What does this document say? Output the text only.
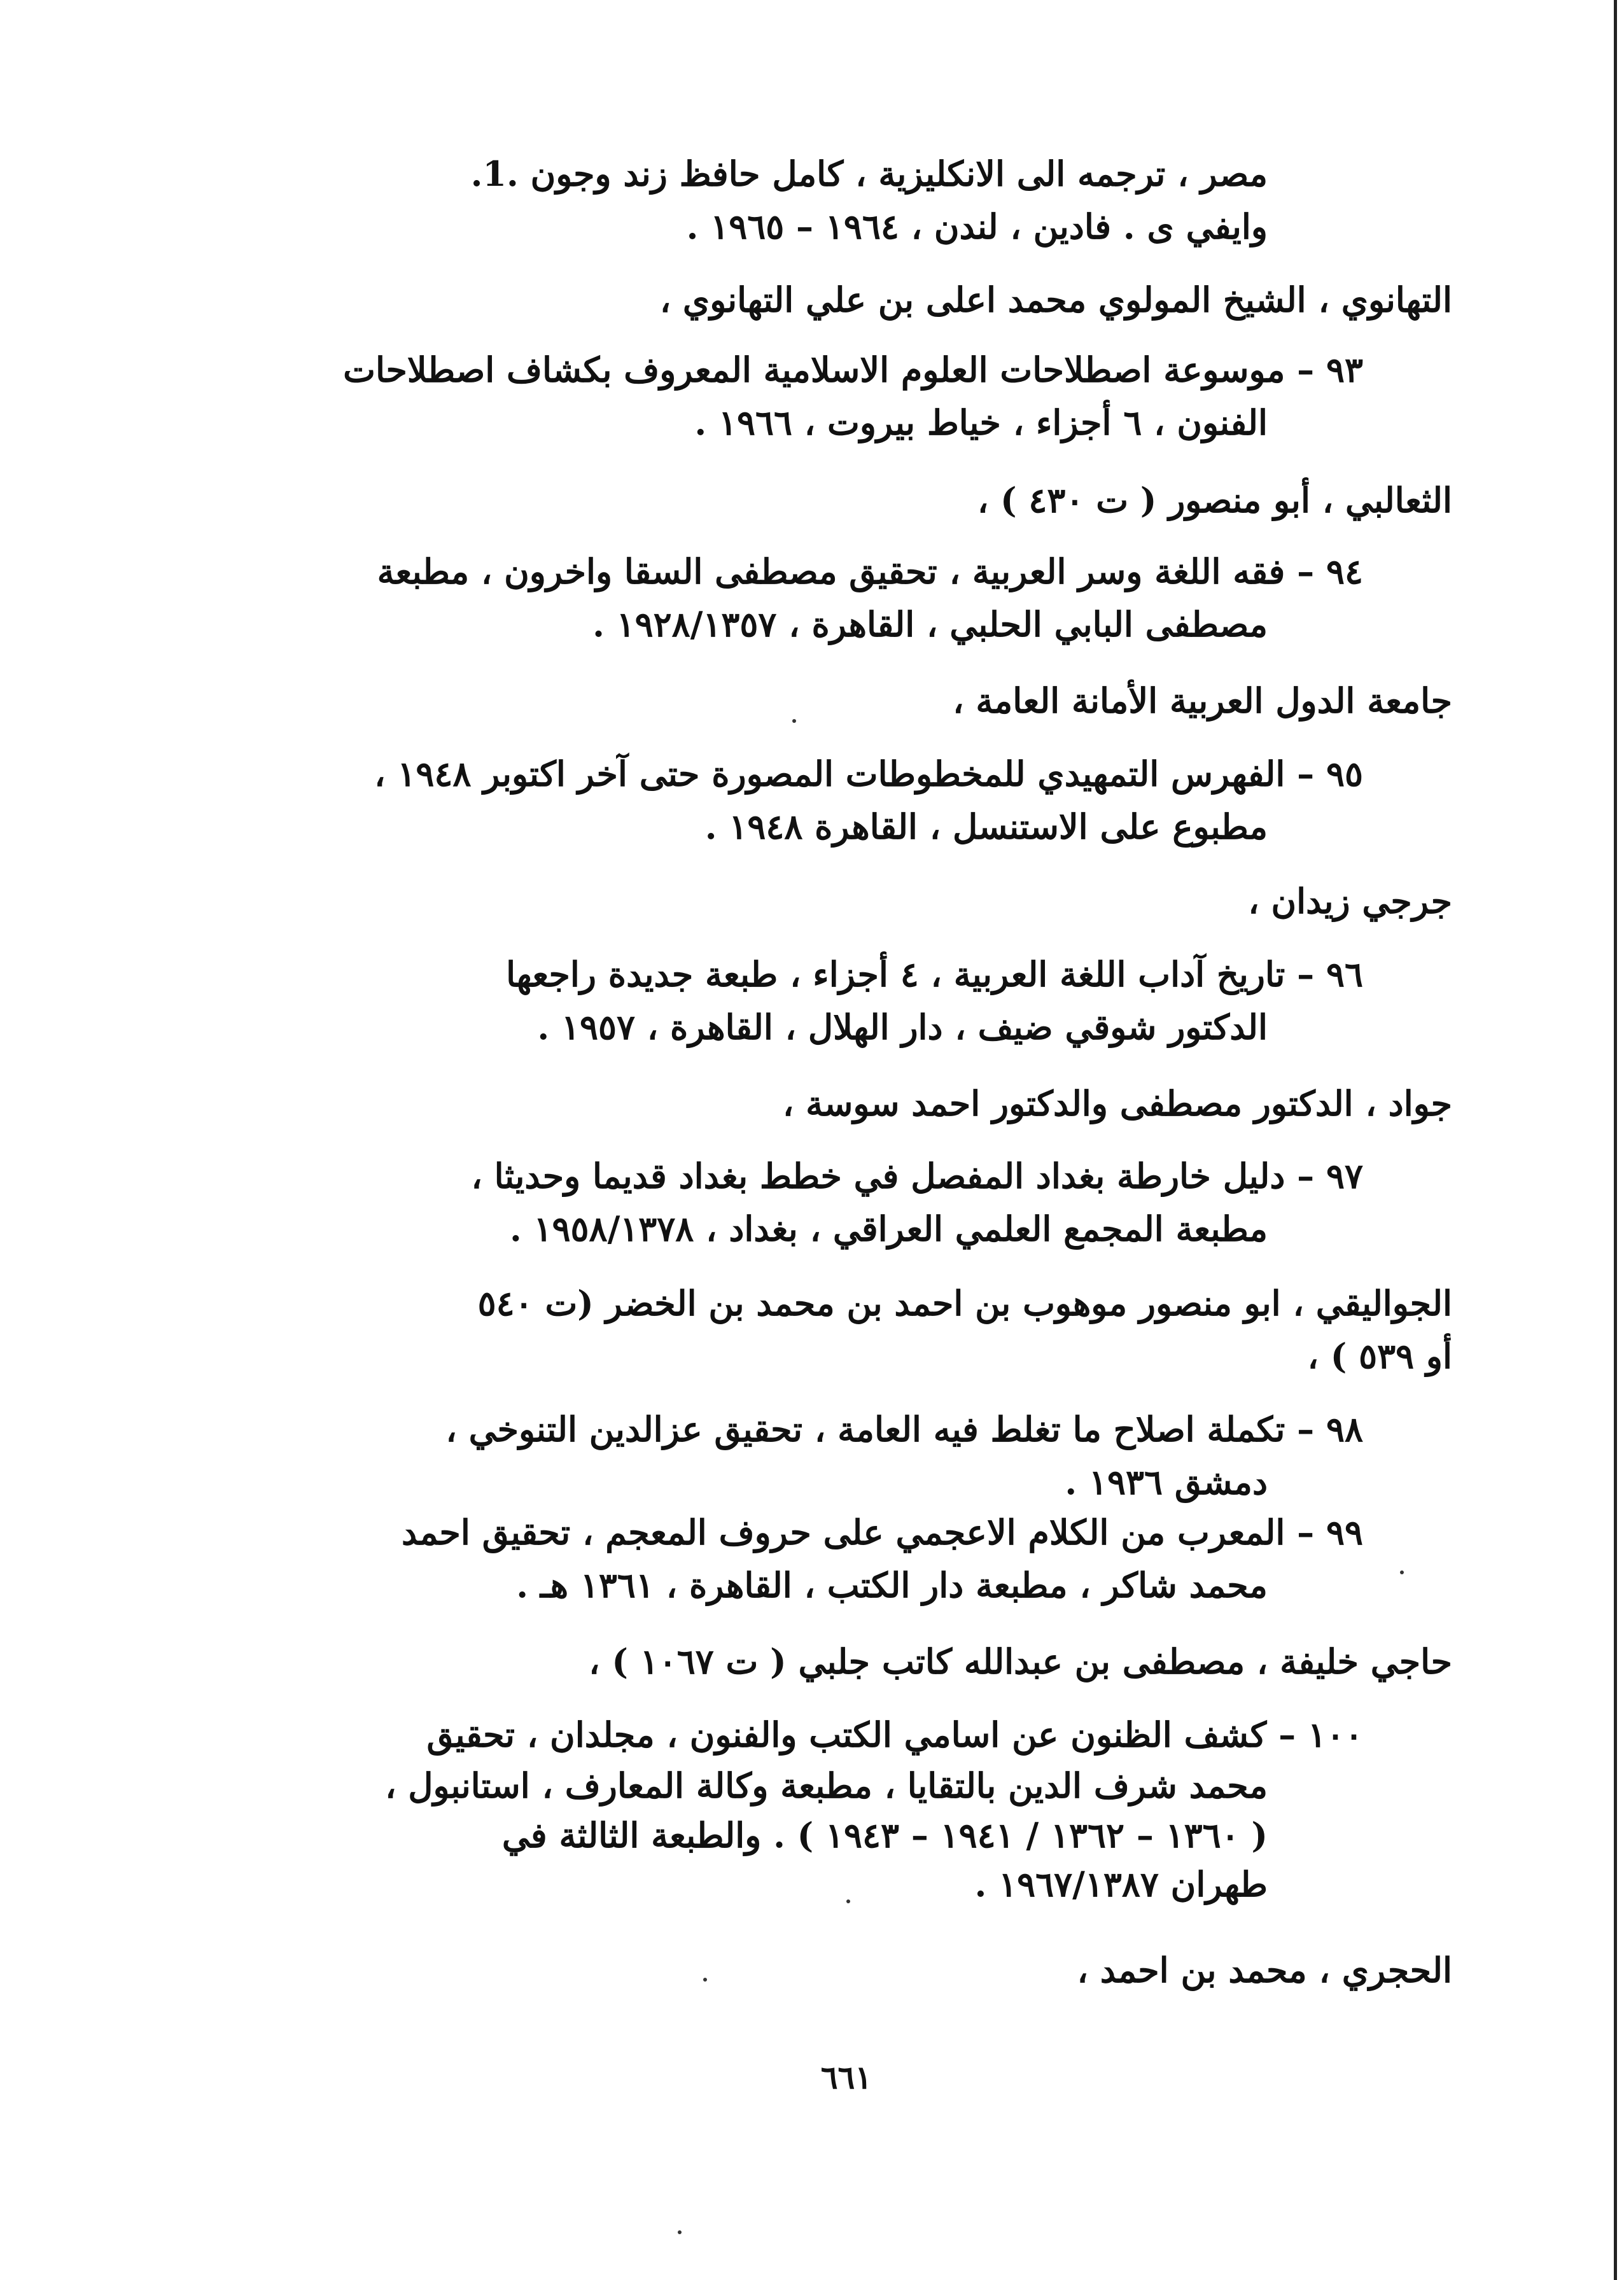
مصر ، ترجمه الى الانكليزية ، كامل حافظ زند وجون .1.
وايفي ى . فادين ، لندن ، ١٩٦٤ – ١٩٦٥ .
التهانوي ، الشيخ المولوي محمد اعلى بن علي التهانوي ،
٩٣ – موسوعة اصطلاحات العلوم الاسلامية المعروف بكشاف اصطلاحات
الفنون ، ٦ أجزاء ، خياط بيروت ، ١٩٦٦ .
الثعالبي ، أبو منصور ( ت ٤٣٠ ) ،
٩٤ – فقه اللغة وسر العربية ، تحقيق مصطفى السقا واخرون ، مطبعة
مصطفى البابي الحلبي ، القاهرة ، ١٩٢٨/١٣٥٧ .
جامعة الدول العربية الأمانة العامة ،
٩٥ – الفهرس التمهيدي للمخطوطات المصورة حتى آخر اكتوبر ١٩٤٨ ،
مطبوع على الاستنسل ، القاهرة ١٩٤٨ .
جرجي زيدان ،
٩٦ – تاريخ آداب اللغة العربية ، ٤ أجزاء ، طبعة جديدة راجعها
الدكتور شوقي ضيف ، دار الهلال ، القاهرة ، ١٩٥٧ .
جواد ، الدكتور مصطفى والدكتور احمد سوسة ،
٩٧ – دليل خارطة بغداد المفصل في خطط بغداد قديما وحديثا ،
مطبعة المجمع العلمي العراقي ، بغداد ، ١٩٥٨/١٣٧٨ .
الجواليقي ، ابو منصور موهوب بن احمد بن محمد بن الخضر (ت ٥٤٠
أو ٥٣٩ ) ،
٩٨ – تكملة اصلاح ما تغلط فيه العامة ، تحقيق عزالدين التنوخي ،
دمشق ١٩٣٦ .
٩٩ – المعرب من الكلام الاعجمي على حروف المعجم ، تحقيق احمد
محمد شاكر ، مطبعة دار الكتب ، القاهرة ، ١٣٦١ هـ .
حاجي خليفة ، مصطفى بن عبدالله كاتب جلبي ( ت ١٠٦٧ ) ،
١٠٠ – كشف الظنون عن اسامي الكتب والفنون ، مجلدان ، تحقيق
محمد شرف الدين بالتقايا ، مطبعة وكالة المعارف ، استانبول ،
( ١٣٦٠ – ١٣٦٢ / ١٩٤١ – ١٩٤٣ ) . والطبعة الثالثة في
طهران ١٩٦٧/١٣٨٧ .
الحجري ، محمد بن احمد ،
٦٦١
